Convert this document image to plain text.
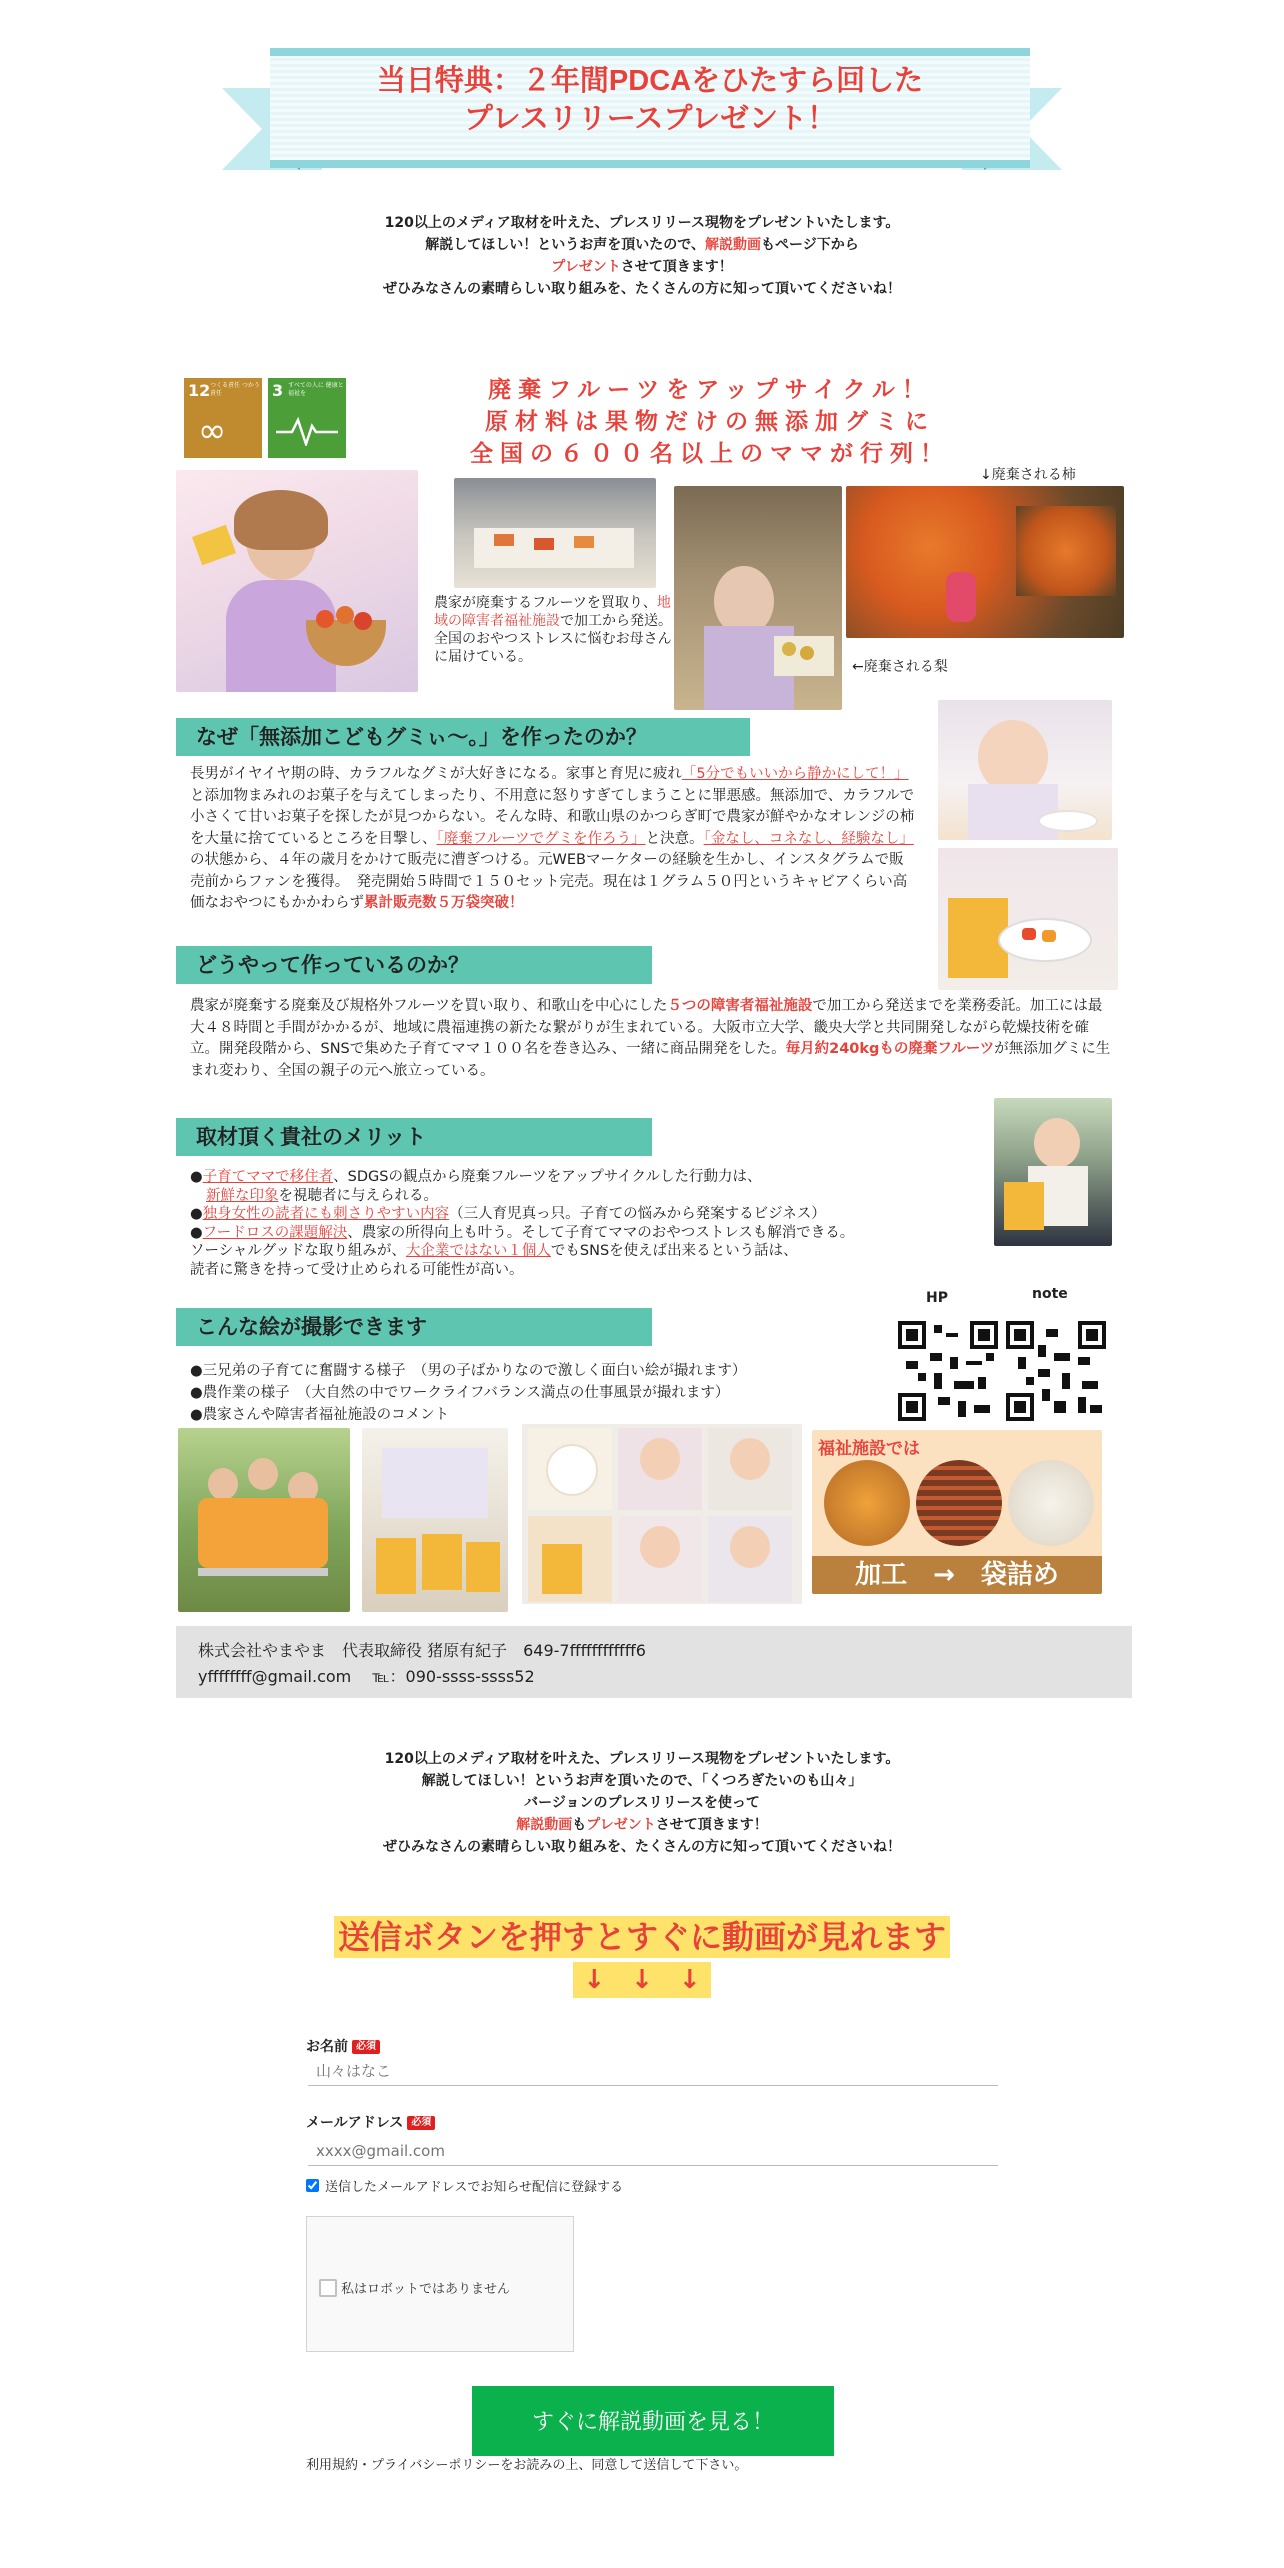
当日特典：２年間PDCAをひたすら回した
プレスリリースプレゼント！
120以上のメディア取材を叶えた、プレスリリース現物をプレゼントいたします。
解説してほしい！というお声を頂いたので、解説動画もページ下から
プレゼントさせて頂きます！
ぜひみなさんの素晴らしい取り組みを、たくさんの方に知って頂いてくださいね！
12 つくる責任 つかう責任
∞
3 すべての人に 健康と福祉を	廃棄フルーツをアップサイクル！
原材料は果物だけの無添加グミに
全国の６００名以上のママが行列！
農家が廃棄するフルーツを買取り、地域の障害者福祉施設で加工から発送。全国のおやつストレスに悩むお母さんに届けている。
↓廃棄される柿
←廃棄される梨
なぜ「無添加こどもグミぃ〜。」を作ったのか？
長男がイヤイヤ期の時、カラフルなグミが大好きになる。家事と育児に疲れ「5分でもいいから静かにして！」と添加物まみれのお菓子を与えてしまったり、不用意に怒りすぎてしまうことに罪悪感。無添加で、カラフルで小さくて甘いお菓子を探したが見つからない。そんな時、和歌山県のかつらぎ町で農家が鮮やかなオレンジの柿を大量に捨てているところを目撃し、「廃棄フルーツでグミを作ろう」と決意。「金なし、コネなし、経験なし」の状態から、４年の歳月をかけて販売に漕ぎつける。元WEBマーケターの経験を生かし、インスタグラムで販売前からファンを獲得。　発売開始５時間で１５０セット完売。現在は１グラム５０円というキャビアくらい高価なおやつにもかかわらず累計販売数５万袋突破！
どうやって作っているのか？
農家が廃棄する廃棄及び規格外フルーツを買い取り、和歌山を中心にした５つの障害者福祉施設で加工から発送までを業務委託。加工には最大４８時間と手間がかかるが、地域に農福連携の新たな繋がりが生まれている。大阪市立大学、畿央大学と共同開発しながら乾燥技術を確立。開発段階から、SNSで集めた子育てママ１００名を巻き込み、一緒に商品開発をした。毎月約240kgもの廃棄フルーツが無添加グミに生まれ変わり、全国の親子の元へ旅立っている。
取材頂く貴社のメリット
●子育てママで移住者、SDGSの観点から廃棄フルーツをアップサイクルした行動力は、
新鮮な印象を視聴者に与えられる。
●独身女性の読者にも刺さりやすい内容（三人育児真っ只。子育ての悩みから発案するビジネス）
●フードロスの課題解決、農家の所得向上も叶う。そして子育てママのおやつストレスも解消できる。
ソーシャルグッドな取り組みが、大企業ではない１個人でもSNSを使えば出来るという話は、
読者に驚きを持って受け止められる可能性が高い。
HP	note
こんな絵が撮影できます
●三兄弟の子育てに奮闘する様子　（男の子ばかりなので激しく面白い絵が撮れます）
●農作業の様子　（大自然の中でワークライフバランス満点の仕事風景が撮れます）
●農家さんや障害者福祉施設のコメント
福祉施設では
加工　→　袋詰め
株式会社やまやま　代表取締役 猪原有紀子　649-7ffffffffffff6
yffffffff@gmail.com　 ℡：090-ssss-ssss52
120以上のメディア取材を叶えた、プレスリリース現物をプレゼントいたします。
解説してほしい！というお声を頂いたので、「くつろぎたいのも山々」
バージョンのプレスリリースを使って
解説動画もプレゼントさせて頂きます！
ぜひみなさんの素晴らしい取り組みを、たくさんの方に知って頂いてくださいね！
送信ボタンを押すとすぐに動画が見れます
↓　↓　↓
お名前 必須
山々はなこ
メールアドレス 必須
xxxx@gmail.com
送信したメールアドレスでお知らせ配信に登録する
私はロボットではありません
すぐに解説動画を見る！
利用規約・プライバシーポリシーをお読みの上、同意して送信して下さい。
